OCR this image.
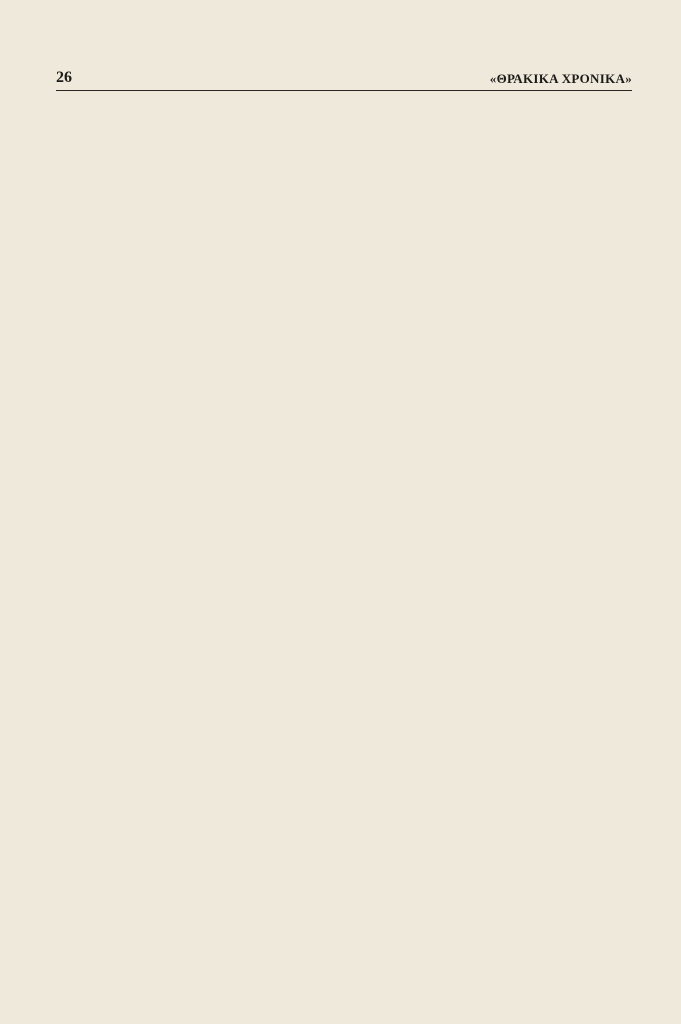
26	«ΘΡΑΚΙΚΑ ΧΡΟΝΙΚΑ»
